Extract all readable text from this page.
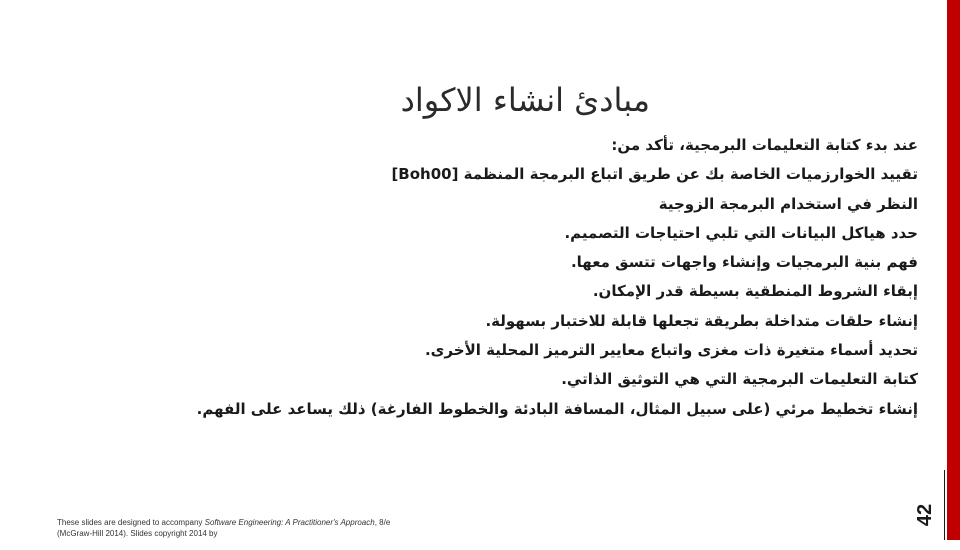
مبادئ انشاء الاكواد
عند بدء كتابة التعليمات البرمجية، تأكد من:
تقييد الخوارزميات الخاصة بك عن طريق اتباع البرمجة المنظمة [Boh00]
النظر في استخدام البرمجة الزوجية
حدد هياكل البيانات التي تلبي احتياجات التصميم.
فهم بنية البرمجيات وإنشاء واجهات تتسق معها.
إبقاء الشروط المنطقية بسيطة قدر الإمكان.
إنشاء حلقات متداخلة بطريقة تجعلها قابلة للاختبار بسهولة.
تحديد أسماء متغيرة ذات مغزى واتباع معايير الترميز المحلية الأخرى.
كتابة التعليمات البرمجية التي هي التوثيق الذاتي.
إنشاء تخطيط مرئي (على سبيل المثال، المسافة البادئة والخطوط الفارغة) ذلك يساعد على الفهم.
These slides are designed to accompany Software Engineering: A Practitioner's Approach, 8/e (McGraw-Hill 2014). Slides copyright 2014 by
42
